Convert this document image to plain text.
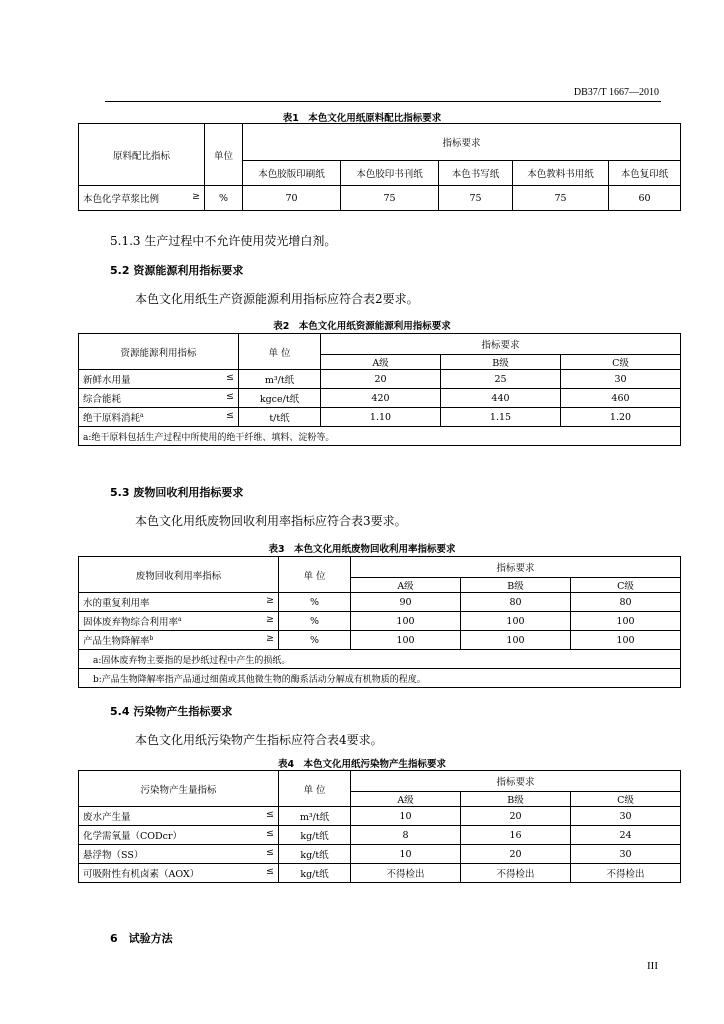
DB37/T 1667—2010
表1　本色文化用纸原料配比指标要求
原料配比指标	单位	指标要求				
		本色胶版印刷纸	本色胶印书刊纸	本色书写纸	本色教料书用纸	本色复印纸

本色化学草浆比例 ≥	%	70	75	75	75	60
5.1.3 生产过程中不允许使用荧光增白剂。
5.2 资源能源利用指标要求
本色文化用纸生产资源能源利用指标应符合表2要求。
表2　本色文化用纸资源能源利用指标要求
资源能源利用指标	单 位	指标要求		
		A级	B级	C级

新鲜水用量 ≤	m³/t纸	20	25	30

综合能耗 ≤	kgce/t纸	420	440	460

绝干原料消耗$^a$ ≤	t/t纸	1.10	1.15	1.20
a:绝干原料包括生产过程中所使用的绝干纤维、填料、淀粉等。				
5.3 废物回收利用指标要求
本色文化用纸废物回收利用率指标应符合表3要求。
表3　本色文化用纸废物回收利用率指标要求
废物回收利用率指标	单 位	指标要求		
		A级	B级	C级

水的重复利用率 ≥	%	90	80	80

固体废弃物综合利用率$^a$ ≥	%	100	100	100

产品生物降解率$^b$ ≥	%	100	100	100
a:固体废弃物主要指的是抄纸过程中产生的损纸。				
b:产品生物降解率指产品通过细菌或其他微生物的酶系活动分解成有机物质的程度。				
5.4 污染物产生指标要求
本色文化用纸污染物产生指标应符合表4要求。
表4　本色文化用纸污染物产生指标要求
污染物产生量指标	单 位	指标要求		
		A级	B级	C级

废水产生量 ≤	m³/t纸	10	20	30

化学需氧量（CODcr） ≤	kg/t纸	8	16	24

悬浮物（SS） ≤	kg/t纸	10	20	30

可吸附性有机卤素（AOX） ≤	kg/t纸	不得检出	不得检出	不得检出
6　试验方法
III
